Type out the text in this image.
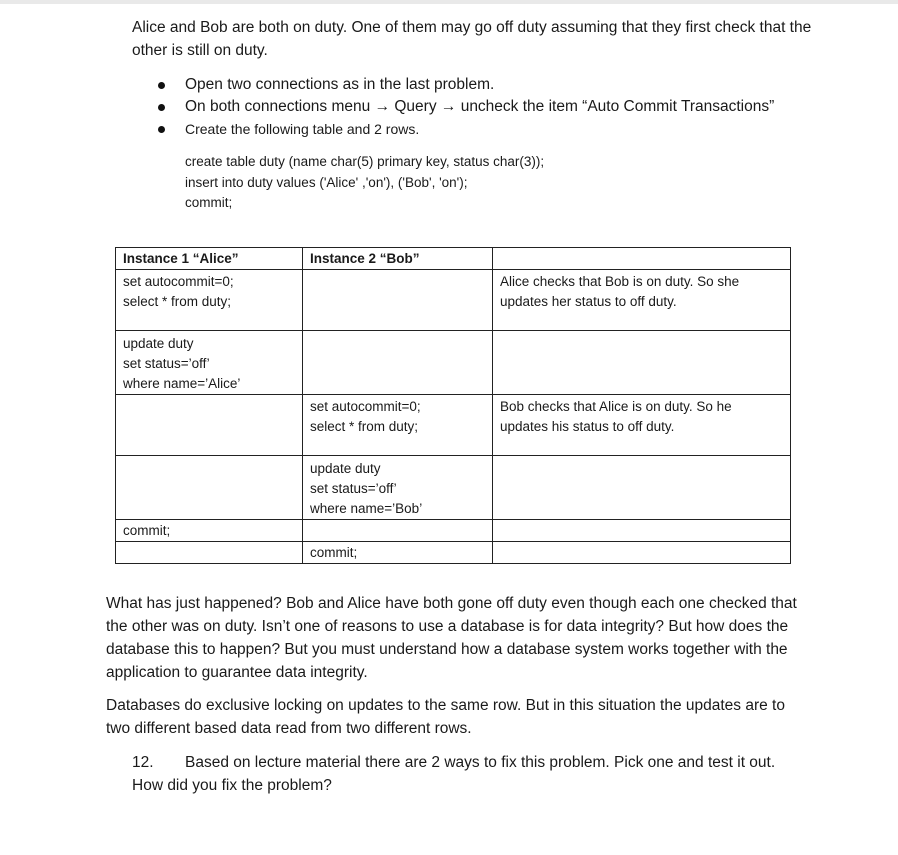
Alice and Bob are both on duty. One of them may go off duty assuming that they first check that the other is still on duty.

Open two connections as in the last problem.
On both connections menu → Query → uncheck the item “Auto Commit Transactions”
Create the following table and 2 rows.
create table duty (name char(5) primary key, status char(3));
insert into duty values ('Alice' ,'on'), ('Bob', 'on');
commit;
Instance 1 “Alice”	Instance 2 “Bob”	

set autocommit=0;
select * from duty;		Alice checks that Bob is on duty. So she
updates her status to off duty.

update duty
set status=’off’
where name=’Alice’		

	set autocommit=0;
select * from duty;	Bob checks that Alice is on duty. So he
updates his status to off duty.

	update duty
set status=’off’
where name=’Bob’	

commit;		

	commit;	

What has just happened? Bob and Alice have both gone off duty even though each one checked that the other was on duty. Isn’t one of reasons to use a database is for data integrity? But how does the database this to happen? But you must understand how a database system works together with the application to guarantee data integrity.

Databases do exclusive locking on updates to the same row. But in this situation the updates are to two different based data read from two different rows.

12. Based on lecture material there are 2 ways to fix this problem. Pick one and test it out. How did you fix the problem?
